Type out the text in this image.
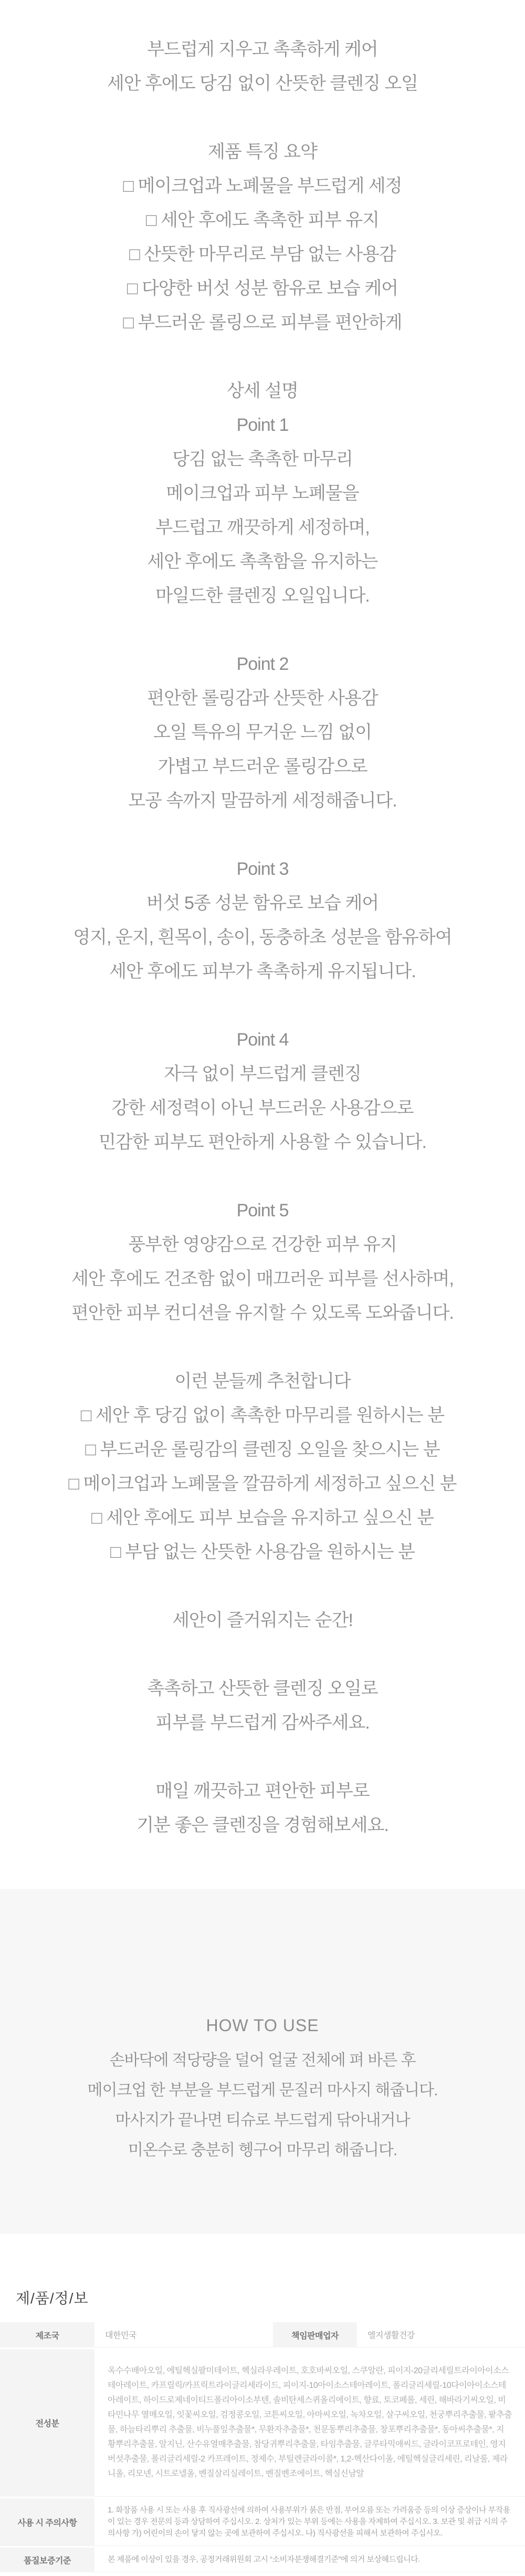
부드럽게 지우고 촉촉하게 케어

세안 후에도 당김 없이 산뜻한 클렌징 오일

제품 특징 요약

□ 메이크업과 노폐물을 부드럽게 세정

□ 세안 후에도 촉촉한 피부 유지

□ 산뜻한 마무리로 부담 없는 사용감

□ 다양한 버섯 성분 함유로 보습 케어

□ 부드러운 롤링으로 피부를 편안하게

상세 설명

Point 1

당김 없는 촉촉한 마무리

메이크업과 피부 노폐물을

부드럽고 깨끗하게 세정하며,

세안 후에도 촉촉함을 유지하는

마일드한 클렌징 오일입니다.

Point 2

편안한 롤링감과 산뜻한 사용감

오일 특유의 무거운 느낌 없이

가볍고 부드러운 롤링감으로

모공 속까지 말끔하게 세정해줍니다.

Point 3

버섯 5종 성분 함유로 보습 케어

영지, 운지, 흰목이, 송이, 동충하초 성분을 함유하여

세안 후에도 피부가 촉촉하게 유지됩니다.

Point 4

자극 없이 부드럽게 클렌징

강한 세정력이 아닌 부드러운 사용감으로

민감한 피부도 편안하게 사용할 수 있습니다.

Point 5

풍부한 영양감으로 건강한 피부 유지

세안 후에도 건조함 없이 매끄러운 피부를 선사하며,

편안한 피부 컨디션을 유지할 수 있도록 도와줍니다.

이런 분들께 추천합니다

□ 세안 후 당김 없이 촉촉한 마무리를 원하시는 분

□ 부드러운 롤링감의 클렌징 오일을 찾으시는 분

□ 메이크업과 노폐물을 깔끔하게 세정하고 싶으신 분

□ 세안 후에도 피부 보습을 유지하고 싶으신 분

□ 부담 없는 산뜻한 사용감을 원하시는 분

세안이 즐거워지는 순간!

촉촉하고 산뜻한 클렌징 오일로

피부를 부드럽게 감싸주세요.

매일 깨끗하고 편안한 피부로

기분 좋은 클렌징을 경험해보세요.

HOW TO USE

손바닥에 적당량을 덜어 얼굴 전체에 펴 바른 후

메이크업 한 부분을 부드럽게 문질러 마사지 해줍니다.

마사지가 끝나면 티슈로 부드럽게 닦아내거나

미온수로 충분히 헹구어 마무리 해줍니다.

제/품/정/보
제조국	대한민국	책임판매업자	엘지생활건강
전성분	옥수수배아오일, 에틸헥실팔미테이트, 헥실라우레이트, 호호바씨오일, 스쿠알란, 피이지-20글리세릴트라이아이소스테아레이트, 카프릴릭/카프릭트라이글리세라이드, 피이지-10아이소스테아레이트, 폴리글리세릴-10다이아이소스테아레이트, 하이드로제네이티드폴리아이소부텐, 솔비탄세스퀴올리에이트, 향료, 토코페롤, 세린, 해바라기씨오일, 비타민나무 열매오일, 잇꽃씨오일, 검정콩오일, 코튼씨오일, 아마씨오일, 녹차오일, 살구씨오일, 천궁뿌리추출물, 팥추출물, 하늘타리뿌리 추출물, 비누풀잎추출물*, 무환자추출물*, 천문동뿌리추출물, 창포뿌리추출물*, 동아씨추출물*, 지황뿌리추출물, 알지닌, 산수유열매추출물, 참당귀뿌리추출물, 타임추출물, 글루타믹애씨드, 글라이코프로테인, 영지버섯추출물, 폴리글리세릴-2 카프레이트, 정제수, 부틸렌글라이콜*, 1,2-헥산다이올, 에틸헥실글리세린, 리날룰, 제라니올, 리모넨, 시트로넬올, 벤질살리실레이트, 벤질벤조에이트, 헥실신남알		
사용 시 주의사항	1. 화장품 사용 시 또는 사용 후 직사광선에 의하여 사용부위가 붉은 반점, 부어오름 또는 가려움증 등의 이상 증상이나 부작용이 있는 경우 전문의 등과 상담하여 주십시오. 2. 상처가 있는 부위 등에는 사용을 자제하여 주십시오. 3. 보관 및 취급 시의 주의사항 가) 어린이의 손이 닿지 않는 곳에 보관하여 주십시오. 나) 직사광선을 피해서 보관하여 주십시오.		
품질보증기준	본 제품에 이상이 있을 경우, 공정거래위원회 고시 “소비자분쟁해결기준”에 의거 보상해드립니다.		
